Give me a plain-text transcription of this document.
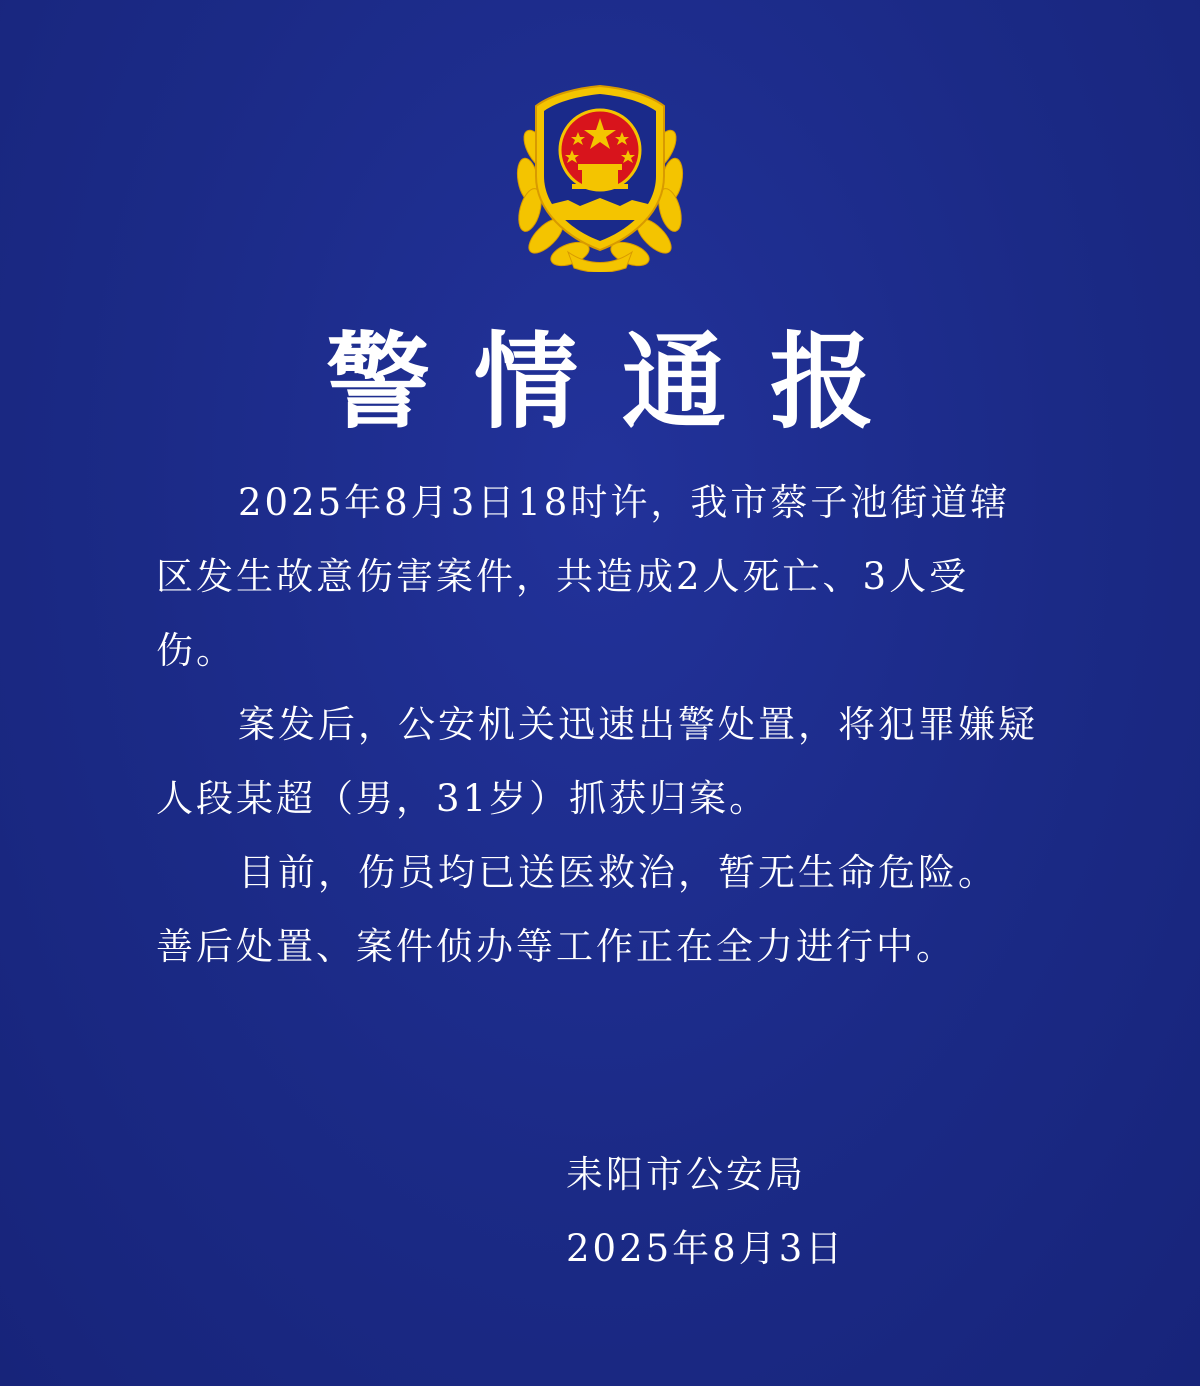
警情通报

2025年8月3日18时许，我市蔡子池街道辖区发生故意伤害案件，共造成2人死亡、3人受伤。

案发后，公安机关迅速出警处置，将犯罪嫌疑人段某超（男，31岁）抓获归案。

目前，伤员均已送医救治，暂无生命危险。

善后处置、案件侦办等工作正在全力进行中。

耒阳市公安局
2025年8月3日
